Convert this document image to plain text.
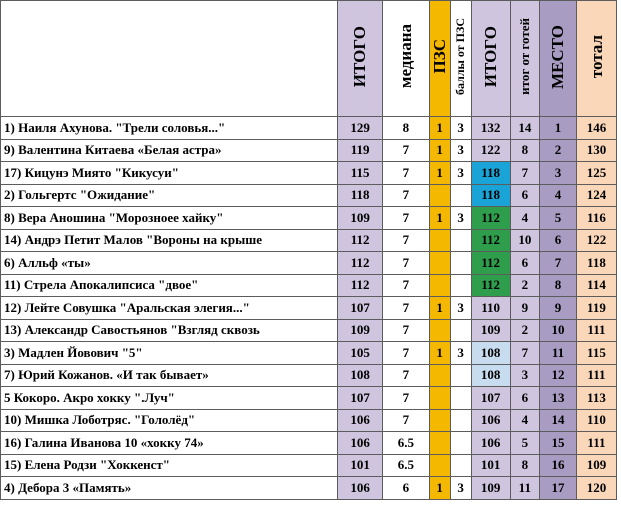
	ИТОГО	медиана	ПЗС	баллы от ПЗС	ИТОГО	итог от готей	МЕСТО	тотал
1) Наиля Ахунова. "Трели соловья..."	129	8	1	3	132	14	1	146
9) Валентина Китаева «Белая астра»	119	7	1	3	122	8	2	130
17) Кицунэ Миято "Кикусуи"	115	7	1	3	118	7	3	125
2) Гольгертс "Ожидание"	118	7			118	6	4	124
8) Вера Аношина "Морозноее хайку"	109	7	1	3	112	4	5	116
14) Андрэ Петит Малов "Вороны на крыше	112	7			112	10	6	122
6) Алльф «ты»	112	7			112	6	7	118
11) Стрела Апокалипсиса "двое"	112	7			112	2	8	114
12) Лейте Совушка "Аральская элегия..."	107	7	1	3	110	9	9	119
13) Александр Савостьянов "Взгляд сквозь	109	7			109	2	10	111
3) Мадлен Йовович "5"	105	7	1	3	108	7	11	115
7) Юрий Кожанов. «И так бывает»	108	7			108	3	12	111
5 Кокоро. Акро хокку ".Луч"	107	7			107	6	13	113
10) Мишка Лоботряс. "Гололёд"	106	7			106	4	14	110
16) Галина Иванова 10 «хокку 74»	106	6.5			106	5	15	111
15) Елена Родзи "Хоккенст"	101	6.5			101	8	16	109
4) Дебора 3 «Память»	106	6	1	3	109	11	17	120
